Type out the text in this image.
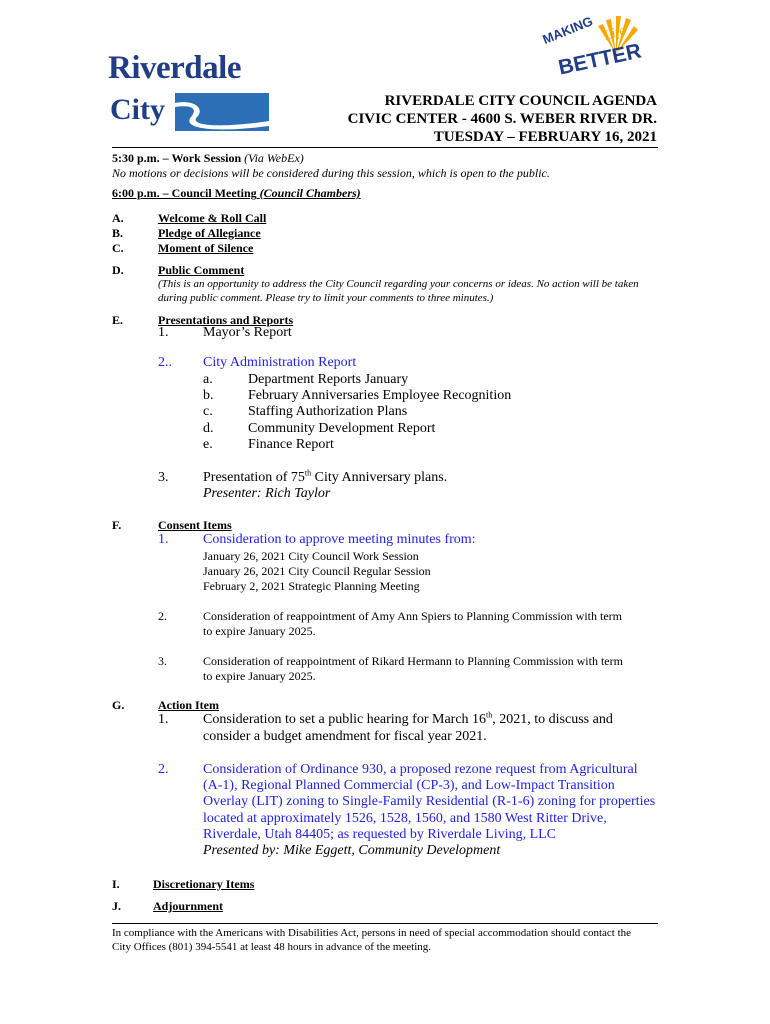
Riverdale
City
MAKING Life
BETTER
RIVERDALE CITY COUNCIL AGENDA
CIVIC CENTER - 4600 S. WEBER RIVER DR.
TUESDAY – FEBRUARY 16, 2021
5:30 p.m. – Work Session (Via WebEx)
No motions or decisions will be considered during this session, which is open to the public.
6:00 p.m. – Council Meeting (Council Chambers)
A.	Welcome & Roll Call
B.	Pledge of Allegiance
C.	Moment of Silence
D.	Public Comment
(This is an opportunity to address the City Council regarding your concerns or ideas. No action will be taken
during public comment. Please try to limit your comments to three minutes.)
E.	Presentations and Reports
1. Mayor’s Report
2.. City Administration Report
a.	Department Reports January
b. February Anniversaries Employee Recognition
c.	Staffing Authorization Plans
d. Community Development Report
e.	Finance Report
3. Presentation of 75th City Anniversary plans.
Presenter: Rich Taylor
F.	Consent Items
1. Consideration to approve meeting minutes from:
January 26, 2021 City Council Work Session
January 26, 2021 City Council Regular Session
February 2, 2021 Strategic Planning Meeting
2.	Consideration of reappointment of Amy Ann Spiers to Planning Commission with term
to expire January 2025.
3.	Consideration of reappointment of Rikard Hermann to Planning Commission with term
to expire January 2025.
G.	Action Item
1. Consideration to set a public hearing for March 16th, 2021, to discuss and
consider a budget amendment for fiscal year 2021.
2. Consideration of Ordinance 930, a proposed rezone request from Agricultural
(A-1), Regional Planned Commercial (CP-3), and Low-Impact Transition
Overlay (LIT) zoning to Single-Family Residential (R-1-6) zoning for properties
located at approximately 1526, 1528, 1560, and 1580 West Ritter Drive,
Riverdale, Utah 84405; as requested by Riverdale Living, LLC
Presented by: Mike Eggett, Community Development
I.	Discretionary Items
J.	Adjournment
In compliance with the Americans with Disabilities Act, persons in need of special accommodation should contact the
City Offices (801) 394-5541 at least 48 hours in advance of the meeting.
